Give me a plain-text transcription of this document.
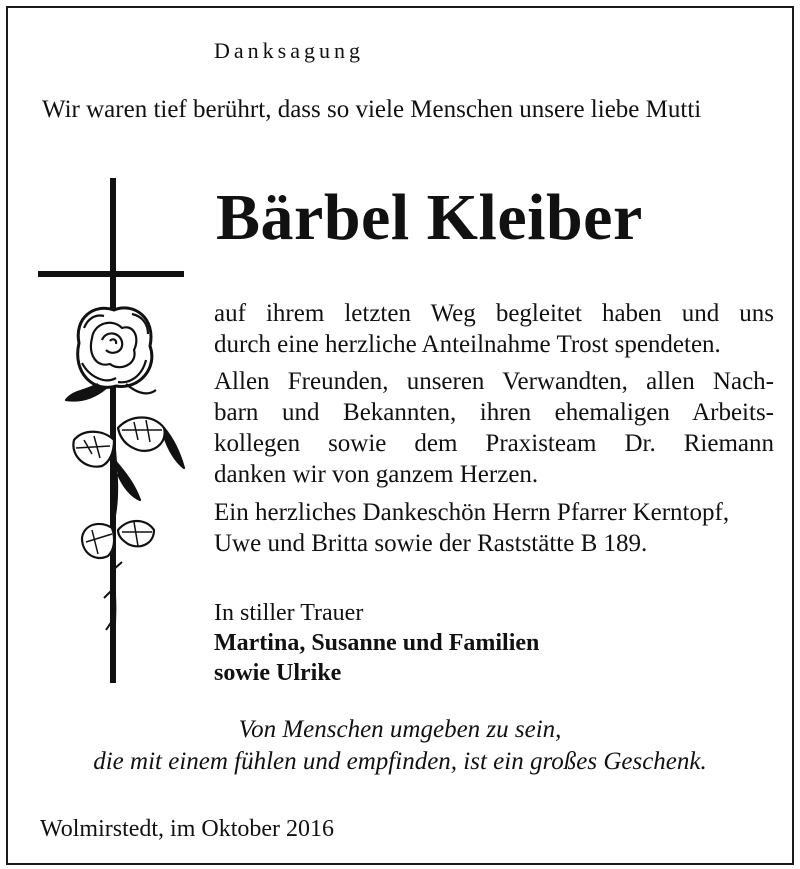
Danksagung

Wir waren tief berührt, dass so viele Menschen unsere liebe Mutti

Bärbel Kleiber

auf ihrem letzten Weg begleitet haben und uns
durch eine herzliche Anteilnahme Trost spendeten.
Allen Freunden, unseren Verwandten, allen Nach-
barn und Bekannten, ihren ehemaligen Arbeits-
kollegen sowie dem Praxisteam Dr. Riemann
danken wir von ganzem Herzen.
Ein herzliches Dankeschön Herrn Pfarrer Kerntopf,
Uwe und Britta sowie der Raststätte B 189.
In stiller Trauer
Martina, Susanne und Familien
sowie Ulrike
Von Menschen umgeben zu sein,
die mit einem fühlen und empfinden, ist ein großes Geschenk.

Wolmirstedt, im Oktober 2016
